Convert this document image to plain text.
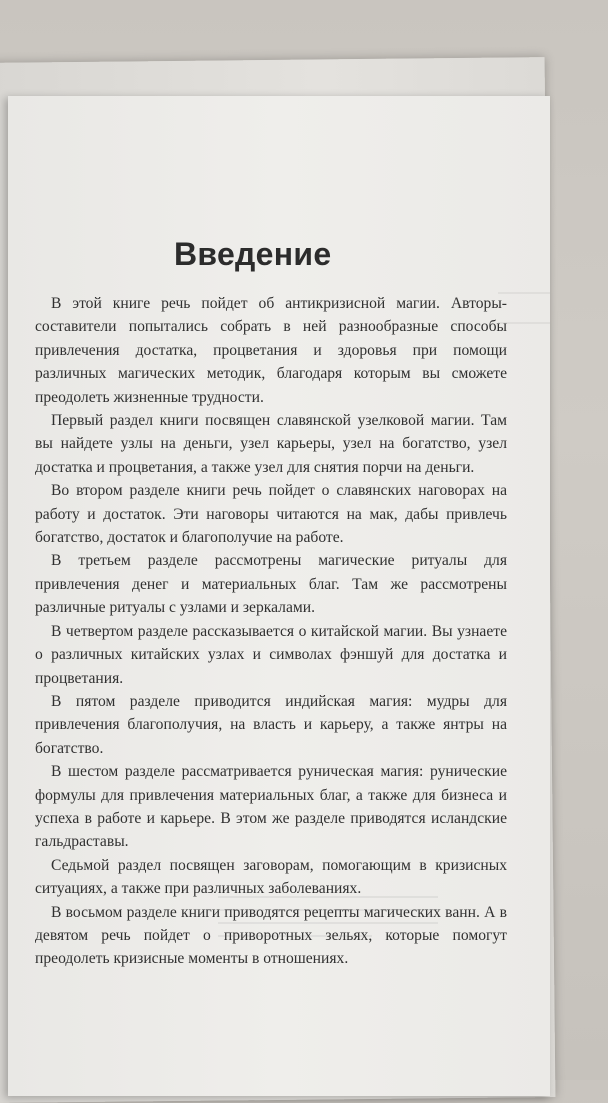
Введение

В этой книге речь пойдет об антикризисной магии. Авторы-составители попытались собрать в ней разнообразные способы привлечения достатка, процветания и здоровья при помощи различных магических методик, благодаря которым вы сможете преодолеть жизненные трудности.

Первый раздел книги посвящен славянской узелковой магии. Там вы найдете узлы на деньги, узел карьеры, узел на богатство, узел достатка и процветания, а также узел для снятия порчи на деньги.

Во втором разделе книги речь пойдет о славянских наговорах на работу и достаток. Эти наговоры читаются на мак, дабы привлечь богатство, достаток и благополучие на работе.

В третьем разделе рассмотрены магические ритуалы для привлечения денег и материальных благ. Там же рассмотрены различные ритуалы с узлами и зеркалами.

В четвертом разделе рассказывается о китайской магии. Вы узнаете о различных китайских узлах и символах фэншуй для достатка и процветания.

В пятом разделе приводится индийская магия: мудры для привлечения благополучия, на власть и карьеру, а также янтры на богатство.

В шестом разделе рассматривается руническая магия: рунические формулы для привлечения материальных благ, а также для бизнеса и успеха в работе и карьере. В этом же разделе приводятся исландские гальдраставы.

Седьмой раздел посвящен заговорам, помогающим в кризисных ситуациях, а также при различных заболеваниях.

В восьмом разделе книги приводятся рецепты магических ванн. А в девятом речь пойдет о приворотных зельях, которые помогут преодолеть кризисные моменты в отношениях.
